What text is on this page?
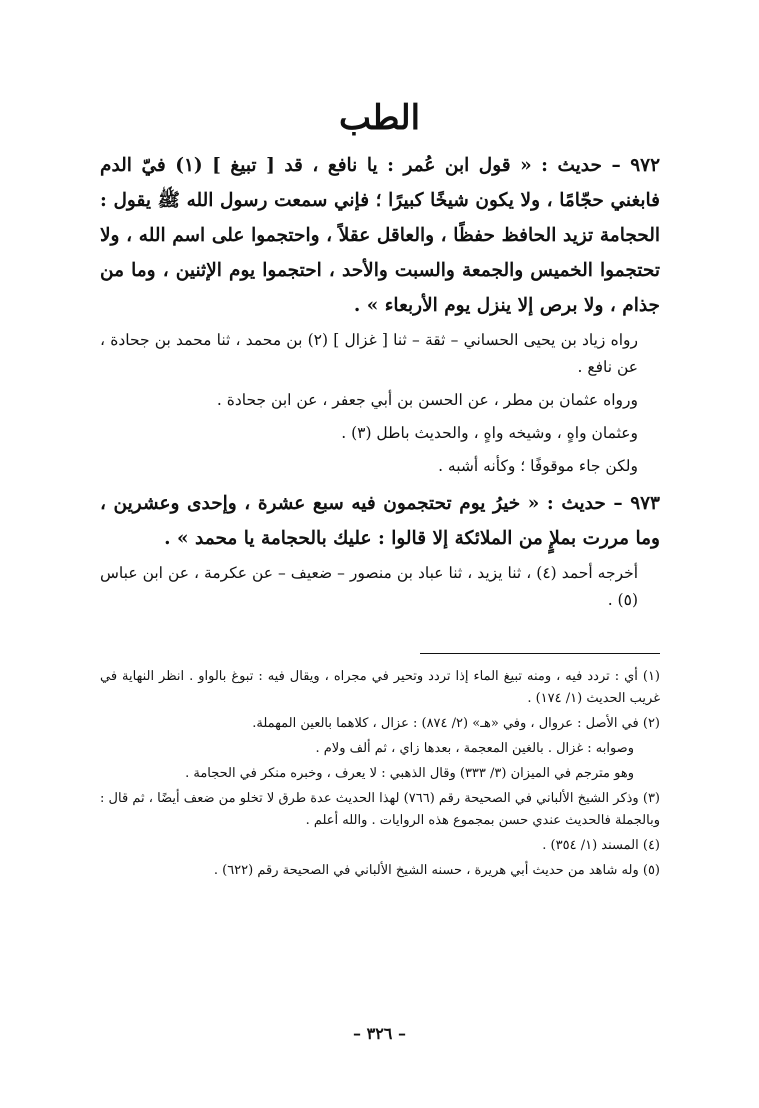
الطب

٩٧٢ – حديث : « قول ابن عُمر : يا نافع ، قد [ تبيغ ] (١) فيّ الدم فابغني حجّامًا ، ولا يكون شيخًا كبيرًا ؛ فإني سمعت رسول الله ﷺ يقول : الحجامة تزيد الحافظ حفظًا ، والعاقل عقلاً ، واحتجموا على اسم الله ، ولا تحتجموا الخميس والجمعة والسبت والأحد ، احتجموا يوم الإثنين ، وما من جذام ، ولا برص إلا ينزل يوم الأربعاء » .

رواه زياد بن يحيى الحساني – ثقة – ثنا [ غزال ] (٢) بن محمد ، ثنا محمد بن جحادة ، عن نافع .

ورواه عثمان بن مطر ، عن الحسن بن أبي جعفر ، عن ابن جحادة .

وعثمان واهٍ ، وشيخه واهٍ ، والحديث باطل (٣) .

ولكن جاء موقوفًا ؛ وكأنه أشبه .

٩٧٣ – حديث : « خيرُ يوم تحتجمون فيه سبع عشرة ، وإحدى وعشرين ، وما مررت بملإٍ من الملائكة إلا قالوا : عليك بالحجامة يا محمد » .

أخرجه أحمد (٤) ، ثنا يزيد ، ثنا عباد بن منصور – ضعيف – عن عكرمة ، عن ابن عباس (٥) .

(١) أي : تردد فيه ، ومنه تبيغ الماء إذا تردد وتحير في مجراه ، ويقال فيه : تبوغ بالواو . انظر النهاية في غريب الحديث (١/ ١٧٤) .

(٢) في الأصل : عروال ، وفي «هـ» (٢/ ٨٧٤) : عزال ، كلاهما بالعين المهملة.

وصوابه : غزال . بالغين المعجمة ، بعدها زاي ، ثم ألف ولام .

وهو مترجم في الميزان (٣/ ٣٣٣) وقال الذهبي : لا يعرف ، وخبره منكر في الحجامة .

(٣) وذكر الشيخ الألباني في الصحيحة رقم (٧٦٦) لهذا الحديث عدة طرق لا تخلو من ضعف أيضًا ، ثم قال : وبالجملة فالحديث عندي حسن بمجموع هذه الروايات . والله أعلم .

(٤) المسند (١/ ٣٥٤) .

(٥) وله شاهد من حديث أبي هريرة ، حسنه الشيخ الألباني في الصحيحة رقم (٦٢٢) .

– ٣٢٦ –
